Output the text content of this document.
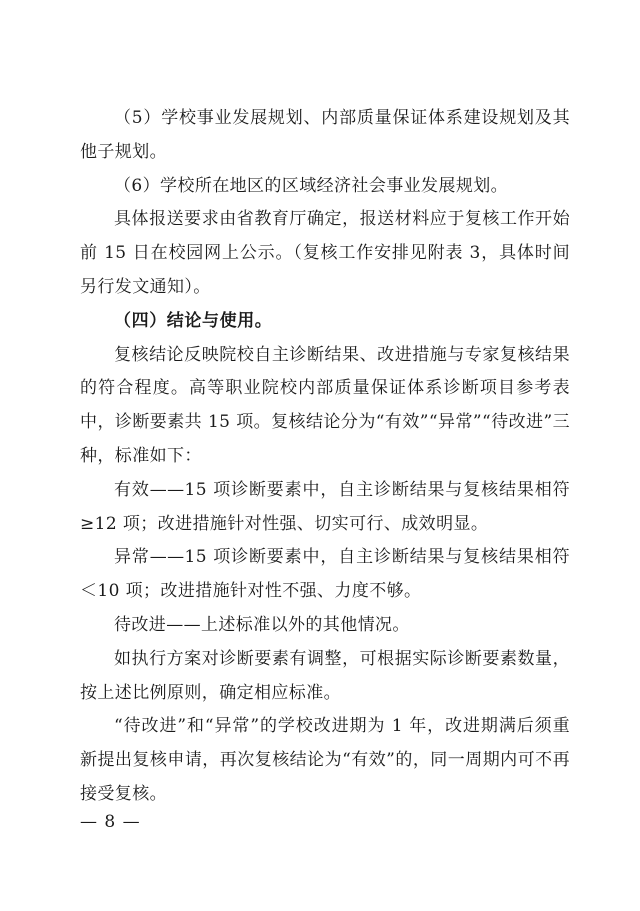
（5）学校事业发展规划、内部质量保证体系建设规划及其他子规划。

（6）学校所在地区的区域经济社会事业发展规划。

具体报送要求由省教育厅确定，报送材料应于复核工作开始前 15 日在校园网上公示。（复核工作安排见附表 3，具体时间另行发文通知）。

（四）结论与使用。

复核结论反映院校自主诊断结果、改进措施与专家复核结果的符合程度。高等职业院校内部质量保证体系诊断项目参考表中，诊断要素共 15 项。复核结论分为“有效”“异常”“待改进”三种，标准如下：

有效——15 项诊断要素中，自主诊断结果与复核结果相符≥12 项；改进措施针对性强、切实可行、成效明显。

异常——15 项诊断要素中，自主诊断结果与复核结果相符＜10 项；改进措施针对性不强、力度不够。

待改进——上述标准以外的其他情况。

如执行方案对诊断要素有调整，可根据实际诊断要素数量，按上述比例原则，确定相应标准。

“待改进”和“异常”的学校改进期为 1 年，改进期满后须重新提出复核申请，再次复核结论为“有效”的，同一周期内可不再接受复核。

— 8 —
